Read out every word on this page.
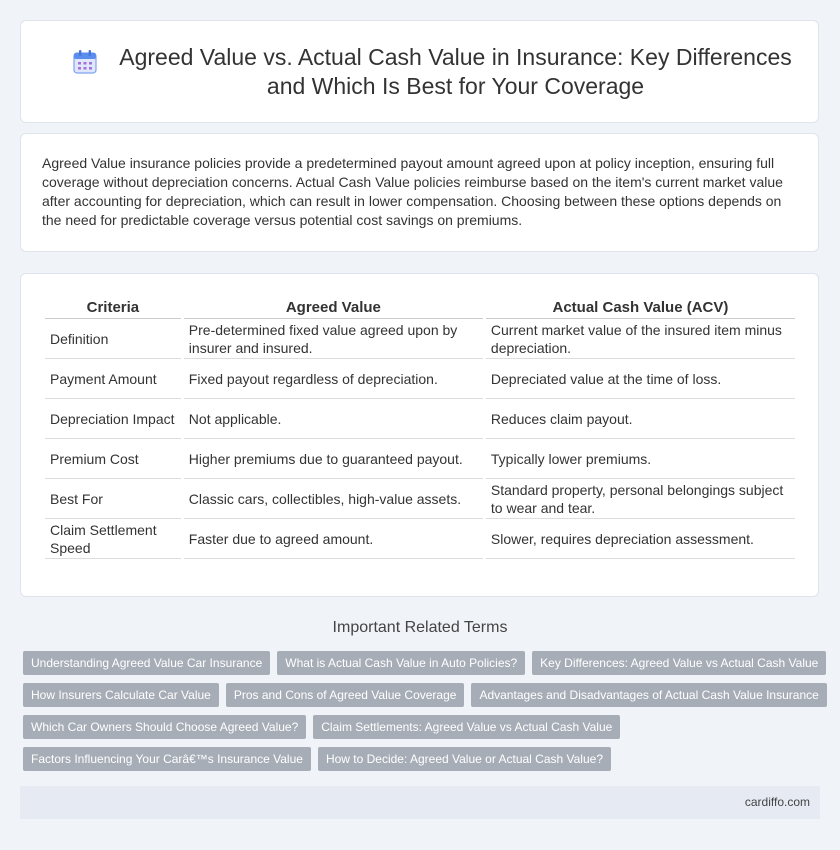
Agreed Value vs. Actual Cash Value in Insurance: Key Differences and Which Is Best for Your Coverage

Agreed Value insurance policies provide a predetermined payout amount agreed upon at policy inception, ensuring full coverage without depreciation concerns. Actual Cash Value policies reimburse based on the item's current market value after accounting for depreciation, which can result in lower compensation. Choosing between these options depends on the need for predictable coverage versus potential cost savings on premiums.

Criteria	Agreed Value	Actual Cash Value (ACV)
Definition	Pre-determined fixed value agreed upon by insurer and insured.	Current market value of the insured item minus depreciation.
Payment Amount	Fixed payout regardless of depreciation.	Depreciated value at the time of loss.
Depreciation Impact	Not applicable.	Reduces claim payout.
Premium Cost	Higher premiums due to guaranteed payout.	Typically lower premiums.
Best For	Classic cars, collectibles, high-value assets.	Standard property, personal belongings subject to wear and tear.
Claim Settlement Speed	Faster due to agreed amount.	Slower, requires depreciation assessment.
Important Related Terms
Understanding Agreed Value Car Insurance	What is Actual Cash Value in Auto Policies?	Key Differences: Agreed Value vs Actual Cash Value
How Insurers Calculate Car Value	Pros and Cons of Agreed Value Coverage	Advantages and Disadvantages of Actual Cash Value Insurance
Which Car Owners Should Choose Agreed Value?	Claim Settlements: Agreed Value vs Actual Cash Value
Factors Influencing Your Carâ€™s Insurance Value	How to Decide: Agreed Value or Actual Cash Value?
cardiffo.com
